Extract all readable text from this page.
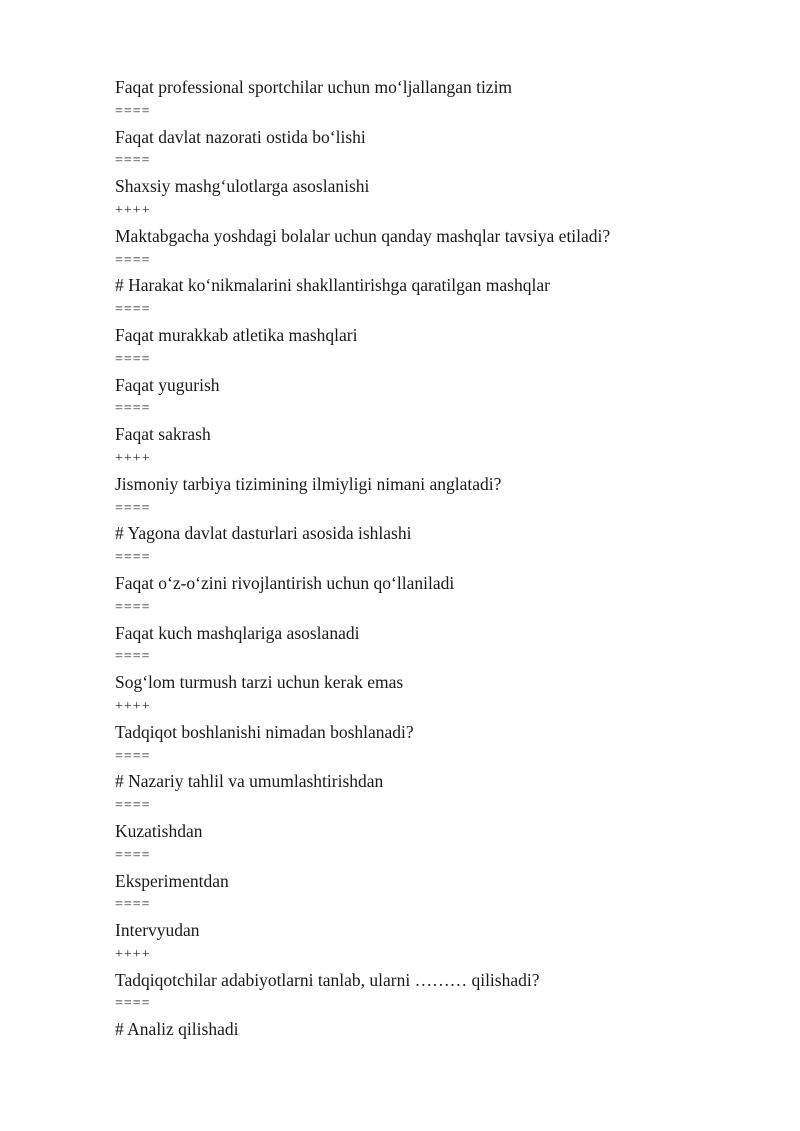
Faqat professional sportchilar uchun mo‘ljallangan tizim
====
Faqat davlat nazorati ostida bo‘lishi
====
Shaxsiy mashg‘ulotlarga asoslanishi
++++
Maktabgacha yoshdagi bolalar uchun qanday mashqlar tavsiya etiladi?
====
# Harakat ko‘nikmalarini shakllantirishga qaratilgan mashqlar
====
Faqat murakkab atletika mashqlari
====
Faqat yugurish
====
Faqat sakrash
++++
Jismoniy tarbiya tizimining ilmiyligi nimani anglatadi?
====
# Yagona davlat dasturlari asosida ishlashi
====
Faqat o‘z-o‘zini rivojlantirish uchun qo‘llaniladi
====
Faqat kuch mashqlariga asoslanadi
====
Sog‘lom turmush tarzi uchun kerak emas
++++
Tadqiqot boshlanishi nimadan boshlanadi?
====
# Nazariy tahlil va umumlashtirishdan
====
Kuzatishdan
====
Eksperimentdan
====
Intervyudan
++++
Tadqiqotchilar adabiyotlarni tanlab, ularni ……… qilishadi?
====
# Analiz qilishadi
